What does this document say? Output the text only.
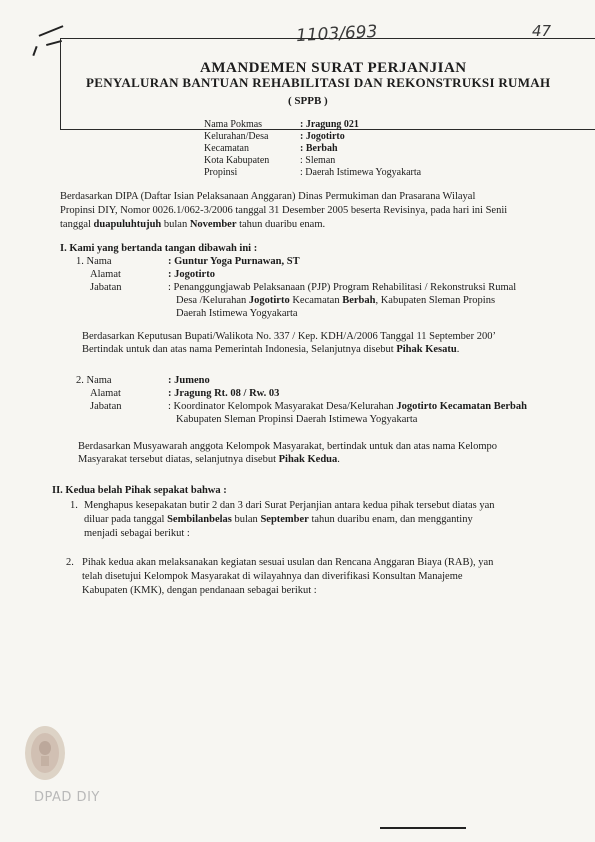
1103/693	47
AMANDEMEN SURAT PERJANJIAN
PENYALURAN BANTUAN REHABILITASI DAN REKONSTRUKSI RUMAH
( SPPB )
Nama Pokmas	: Jragung 021
Kelurahan/Desa	: Jogotirto
Kecamatan	: Berbah
Kota Kabupaten	: Sleman
Propinsi	: Daerah Istimewa Yogyakarta
Berdasarkan DIPA (Daftar Isian Pelaksanaan Anggaran) Dinas Permukiman dan Prasarana Wilayal
Propinsi DIY, Nomor 0026.1/062-3/2006 tanggal 31 Desember 2005 beserta Revisinya, pada hari ini Senii
tanggal duapuluhtujuh bulan November tahun duaribu enam.
I. Kami yang bertanda tangan dibawah ini :
1. Nama	: Guntur Yoga Purnawan, ST
Alamat	: Jogotirto
Jabatan	: Penanggungjawab Pelaksanaan (PJP) Program Rehabilitasi / Rekonstruksi Rumal
Desa /Kelurahan Jogotirto Kecamatan Berbah, Kabupaten Sleman Propins
Daerah Istimewa Yogyakarta
Berdasarkan Keputusan Bupati/Walikota No. 337 / Kep. KDH/A/2006 Tanggal 11 September 200’
Bertindak untuk dan atas nama Pemerintah Indonesia, Selanjutnya disebut Pihak Kesatu.
2. Nama	: Jumeno
Alamat	: Jragung Rt. 08 / Rw. 03
Jabatan	: Koordinator Kelompok Masyarakat Desa/Kelurahan Jogotirto Kecamatan Berbah
Kabupaten Sleman Propinsi Daerah Istimewa Yogyakarta
Berdasarkan Musyawarah anggota Kelompok Masyarakat, bertindak untuk dan atas nama Kelompo
Masyarakat tersebut diatas, selanjutnya disebut Pihak Kedua.
II. Kedua belah Pihak sepakat bahwa :
1. Menghapus kesepakatan butir 2 dan 3 dari Surat Perjanjian antara kedua pihak tersebut diatas yan
diluar pada tanggal Sembilanbelas bulan September tahun duaribu enam, dan menggantiny
menjadi sebagai berikut :
2. Pihak kedua akan melaksanakan kegiatan sesuai usulan dan Rencana Anggaran Biaya (RAB), yan
telah disetujui Kelompok Masyarakat di wilayahnya dan diverifikasi Konsultan Manajeme
Kabupaten (KMK), dengan pendanaan sebagai berikut :
DPAD DIY
